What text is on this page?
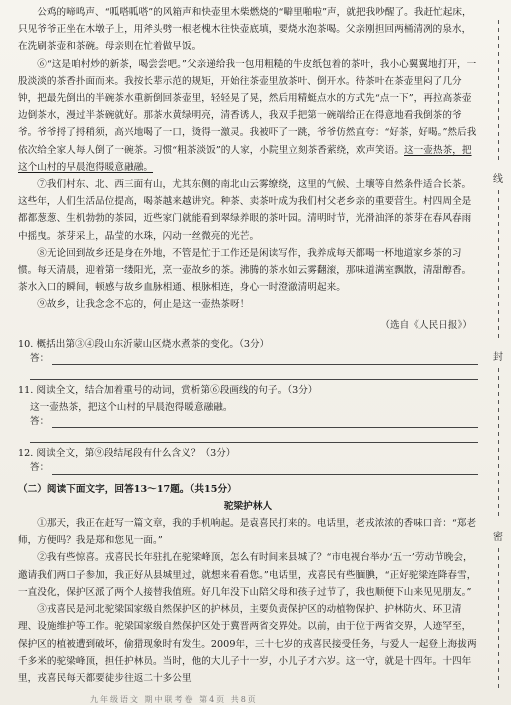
公鸡的啼鸣声、“呱嗒呱嗒”的风箱声和快壶里木柴燃烧的“噼里啪啦”声，就把我吵醒了。我赶忙起床，只见爷爷正坐在木墩子上，用斧头劈一根老槐木往快壶底填，要烧水泡茶喝。父亲刚担回两桶清冽的泉水，在洗刷茶壶和茶碗。母亲则在忙着做早饭。

⑥“这是咱村炒的新茶，喝尝尝吧。”父亲递给我一包用粗糙的牛皮纸包着的茶叶，我小心翼翼地打开，一股淡淡的茶香扑面而来。我按长辈示范的规矩，开始往茶壶里放茶叶、倒开水。待茶叶在茶壶里闷了几分钟，把最先倒出的半碗茶水重新倒回茶壶里，轻轻晃了晃，然后用精蜓点水的方式先“点一下”，再拉高茶壶边倒茶水，漫过半茶碗就好。那茶水黄绿明亮，清香诱人，我双手把第一碗端给正在得意地看我倒茶的爷爷。爷爷捋了捋稍须，高兴地喝了一口，烫得一激灵。我被吓了一跳，爷爷仿然直夸：“好茶，好喝。”然后我依次给全家人每人倒了一碗茶。习惯“粗茶淡饭”的人家，小院里立刻茶香萦绕，欢声笑语。这一壶热茶，把这个山村的早晨泡得暖意融融。

⑦我们村东、北、西三面有山，尤其东侧的南北山云雾缭绕，这里的气候、土壤等自然条件适合长茶。这些年，人们生活品位提高，喝茶越来越讲究。种茶、卖茶叶成为我们村父老乡亲的重要营生。村四周全是都都葱葱、生机勃勃的茶园，近些家门就能看到翠绿养眼的茶叶园。清明时节，光滑油泽的茶芽在春风春雨中摇曳。茶芽采上，晶莹的水珠，闪动一丝微亮的光芒。

⑧无论回到故乡还是身在外地，不管是忙于工作还是闲读写作，我养成每天都喝一杯地道家乡茶的习惯。每天清晨，迎着第一缕阳光，烹一壶故乡的茶。沸腾的茶水如云雾翻滚，那味道满室飘散，清甜醇香。茶水入口的瞬间，顿感与故乡血脉相通、根脉相连，身心一时澄澈清明起来。

⑨故乡，让我念念不忘的，何止是这一壶热茶呀！

（选自《人民日报》）

10. 概括出第③④段山东沂蒙山区烧水煮茶的变化。（3分）

答：

11. 阅读全文，结合加着重号的动词，赏析第⑥段画线的句子。（3分）

这一壶热茶，把这个山村的早晨泡得暖意融融。

答：

12. 阅读全文，第⑨段结尾段有什么含义？（3分）

答：

（二）阅读下面文字，回答13～17题。（共15分）

驼梁护林人

①那天，我正在赶写一篇文章，我的手机响起。是袁喜民打来的。电话里，老戎浓浓的香味口音：“郑老师，方便吗？我是郑和您见一面。”

②我有些惊喜。戎喜民长年驻扎在驼梁峰顶，怎么有时间来县城了？“市电视台举办‘五一’劳动节晚会，邀请我们两口子参加，我正好从县城里过，就想来看看您。”电话里，戎喜民有些腼腆，“正好驼梁连降春雪，一直没化，保护区派了两个人接替我值班。好几年没下山陪父母和孩子过节了，我也顺便下山来见见朋友。”

③戎喜民是河北驼梁国家级自然保护区的护林员，主要负责保护区的动植物保护、护林防火、环卫清理、设施维护等工作。驼梁国家级自然保护区处于冀晋两省交界处。以前，由于位于两省交界，人迹罕至，保护区的植被遭到破坏，偷猎现象时有发生。2009年，三十七岁的戎喜民接受任务，与爱人一起登上海拔两千多米的驼梁峰顶，担任护林员。当时，他的大儿子十一岁，小儿子才六岁。这一守，就是十四年。十四年里，戎喜民每天都要徒步往返二十多公里

线
封
密
九年级语文 期中联考卷 第4页 共8页
